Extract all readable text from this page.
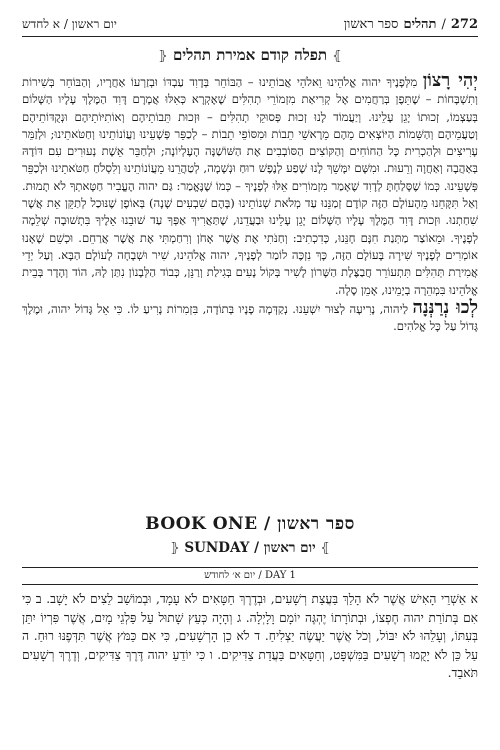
יום ראשון / א לחדש	272
/
תהלים
ספר ראשון
⦄ תפלה קודם אמירת תהלים ⦃
יְהִי רָצוֹן מִלְּפָנֶיךָ יהוה אֱלֹהֵינוּ וֵאלֹהֵי אֲבוֹתֵינוּ – הַבּוֹחֵר בְּדָוִד עַבְדּוֹ וּבְזַרְעוֹ אַחֲרָיו, וְהַבּוֹחֵר בְּשִׁירוֹת וְתִשְׁבָּחוֹת – שֶׁתֵּפֶן בְּרַחֲמִים אֶל קְרִיאַת מִזְמוֹרֵי תְהִלִּים שֶׁאֶקְרָא כְּאִלּוּ אֲמָרָם דָּוִד הַמֶּלֶךְ עָלָיו הַשָּׁלוֹם בְּעַצְמוֹ, זְכוּתוֹ יָגֵן עָלֵינוּ. וְיַעֲמוֹד לָנוּ זְכוּת פְּסוּקֵי תְהִלִּים – וּזְכוּת תֵּבוֹתֵיהֶם וְאוֹתִיּוֹתֵיהֶם וּנְקֻדּוֹתֵיהֶם וְטַעֲמֵיהֶם וְהַשֵּׁמוֹת הַיּוֹצְאִים מֵהֶם מֵרָאשֵׁי תֵבוֹת וּמִסּוֹפֵי תֵבוֹת – לְכַפֵּר פְּשָׁעֵינוּ וַעֲוֹנוֹתֵינוּ וְחַטֹּאתֵינוּ; וּלְזַמֵּר עָרִיצִים וּלְהַכְרִית כָּל הַחוֹחִים וְהַקּוֹצִים הַסּוֹבְבִים אֶת הַשּׁוֹשַׁנָּה הָעֶלְיוֹנָה; וּלְחַבֵּר אֵשֶׁת נְעוּרִים עִם דּוֹדָהּ בְּאַהֲבָה וְאַחֲוָה וְרֵעוּת. וּמִשָּׁם יִמָּשֵׁךְ לָנוּ שֶׁפַע לְנֶפֶשׁ רוּחַ וּנְשָׁמָה, לְטַהֲרֵנוּ מֵעֲוֹנוֹתֵינוּ וְלִסְלֹחַ חַטֹּאתֵינוּ וּלְכַפֵּר פְּשָׁעֵינוּ. כְּמוֹ שֶׁסָּלַחְתָּ לְדָוִד שֶׁאָמַר מִזְמוֹרִים אֵלּוּ לְפָנֶיךָ – כְּמוֹ שֶׁנֶּאֱמַר: גַּם יהוה הֶעֱבִיר חַטָּאתְךָ לֹא תָמוּת. וְאַל תִּקָּחֵנוּ מֵהָעוֹלָם הַזֶּה קוֹדֶם זְמַנֵּנוּ עַד מְלֹאת שְׁנוֹתֵינוּ (בָּהֶם שִׁבְעִים שָׁנָה) בְּאוֹפֶן שֶׁנּוּכַל לְתַקֵּן אֵת אֲשֶׁר שִׁחַתְנוּ. וּזְכוּת דָּוִד הַמֶּלֶךְ עָלָיו הַשָּׁלוֹם יָגֵן עָלֵינוּ וּבַעֲדֵנוּ, שֶׁתַּאֲרִיךְ אַפְּךָ עַד שׁוּבֵנוּ אֵלֶיךָ בִּתְשׁוּבָה שְׁלֵמָה לְפָנֶיךָ. וּמֵאוֹצַר מַתְּנַת חִנָּם חָנֵּנוּ, כְּדִכְתִיב: וְחַנֹּתִי אֶת אֲשֶׁר אָחֹן וְרִחַמְתִּי אֶת אֲשֶׁר אֲרַחֵם. וּכְשֵׁם שֶׁאָנוּ אוֹמְרִים לְפָנֶיךָ שִׁירָה בָּעוֹלָם הַזֶּה, כָּךְ נִזְכֶּה לוֹמַר לְפָנֶיךָ, יהוה אֱלֹהֵינוּ, שִׁיר וּשְׁבָחָה לָעוֹלָם הַבָּא. וְעַל יְדֵי אֲמִירַת תְּהִלִּים תִּתְעוֹרֵר חֲבַצֶּלֶת הַשָּׁרוֹן לָשִׁיר בְּקוֹל נָעִים בְּגִילַת וְרַנֵּן, כְּבוֹד הַלְּבָנוֹן נִתַּן לָהּ, הוֹד וְהָדָר בְּבֵית אֱלֹהֵינוּ בִּמְהֵרָה בְיָמֵינוּ, אָמֵן סֶלָה.
לְכוּ נְרַנְּנָה לַיהוה, נָרִיעָה לְצוּר יִשְׁעֵנוּ. נְקַדְּמָה פָנָיו בְּתוֹדָה, בִּזְמִרוֹת נָרִיעַ לוֹ. כִּי אֵל גָּדוֹל יהוה, וּמֶלֶךְ גָּדוֹל עַל כָּל אֱלֹהִים.
BOOK ONE / ספר ראשון
⦄ SUNDAY / יום ראשון ⦃
יום א׳ לחודש / DAY 1
א אַשְׁרֵי הָאִישׁ אֲשֶׁר לֹא הָלַךְ בַּעֲצַת רְשָׁעִים, וּבְדֶרֶךְ חַטָּאִים לֹא עָמָד, וּבְמוֹשַׁב לֵצִים לֹא יָשָׁב. ב כִּי אִם בְּתוֹרַת יהוה חֶפְצוֹ, וּבְתוֹרָתוֹ יֶהְגֶּה יוֹמָם וָלָיְלָה. ג וְהָיָה כְּעֵץ שָׁתוּל עַל פַּלְגֵי מָיִם, אֲשֶׁר פִּרְיוֹ יִתֵּן בְּעִתּוֹ, וְעָלֵהוּ לֹא יִבּוֹל, וְכֹל אֲשֶׁר יַעֲשֶׂה יַצְלִיחַ. ד לֹא כֵן הָרְשָׁעִים, כִּי אִם כַּמֹּץ אֲשֶׁר תִּדְּפֶנּוּ רוּחַ. ה עַל כֵּן לֹא יָקֻמוּ רְשָׁעִים בַּמִּשְׁפָּט, וְחַטָּאִים בַּעֲדַת צַדִּיקִים. ו כִּי יוֹדֵעַ יהוה דֶּרֶךְ צַדִּיקִים, וְדֶרֶךְ רְשָׁעִים תֹּאבֵד.
